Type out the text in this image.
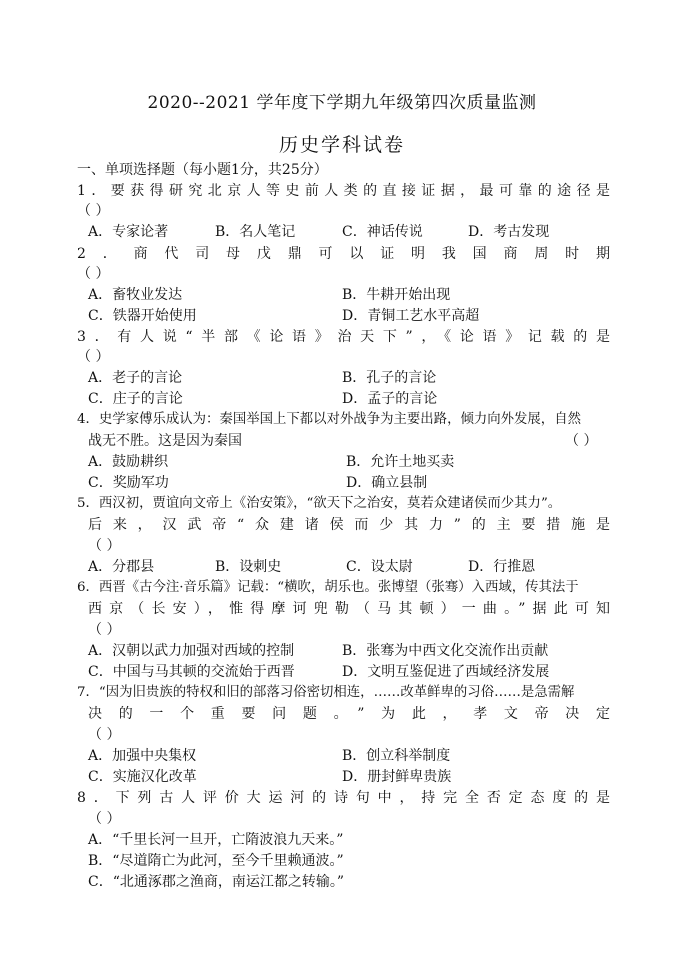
2020--2021 学年度下学期九年级第四次质量监测
历史学科试卷
一、单项选择题（每小题1分，共25分）
1．要获得研究北京人等史前人类的直接证据，最可靠的途径是
（ ）
A．专家论著	B．名人笔记	C．神话传说	D．考古发现
2．商代司母戊鼎可以证明我国商周时期
（ ）
A．畜牧业发达	B．牛耕开始出现
C．铁器开始使用	D．青铜工艺水平高超
3．有人说“半部《论语》治天下”，《论语》记载的是
（ ）
A．老子的言论	B．孔子的言论
C．庄子的言论	D．孟子的言论
4．史学家傅乐成认为：秦国举国上下都以对外战争为主要出路，倾力向外发展，自然
战无不胜。这是因为秦国	（ ）
A．鼓励耕织	B．允许土地买卖
C．奖励军功	D．确立县制
5．西汉初，贾谊向文帝上《治安策》，“欲天下之治安，莫若众建诸侯而少其力”。
后来，汉武帝“众建诸侯而少其力”的主要措施是
（ ）
A．分郡县	B．设刺史	C．设太尉	D．行推恩
6．西晋《古今注·音乐篇》记载：“横吹，胡乐也。张博望（张骞）入西域，传其法于
西京（长安），惟得摩诃兜勒（马其顿）一曲。”据此可知
（ ）
A．汉朝以武力加强对西域的控制	B．张骞为中西文化交流作出贡献
C．中国与马其顿的交流始于西晋	D．文明互鉴促进了西域经济发展
7．“因为旧贵族的特权和旧的部落习俗密切相连，……改革鲜卑的习俗……是急需解
决的一个重要问题。”为此，孝文帝决定
（ ）
A．加强中央集权	B．创立科举制度
C．实施汉化改革	D．册封鲜卑贵族
8．下列古人评价大运河的诗句中，持完全否定态度的是
（ ）
A．“千里长河一旦开，亡隋波浪九天来。”
B．“尽道隋亡为此河，至今千里赖通波。”
C．“北通涿郡之渔商，南运江都之转输。”
